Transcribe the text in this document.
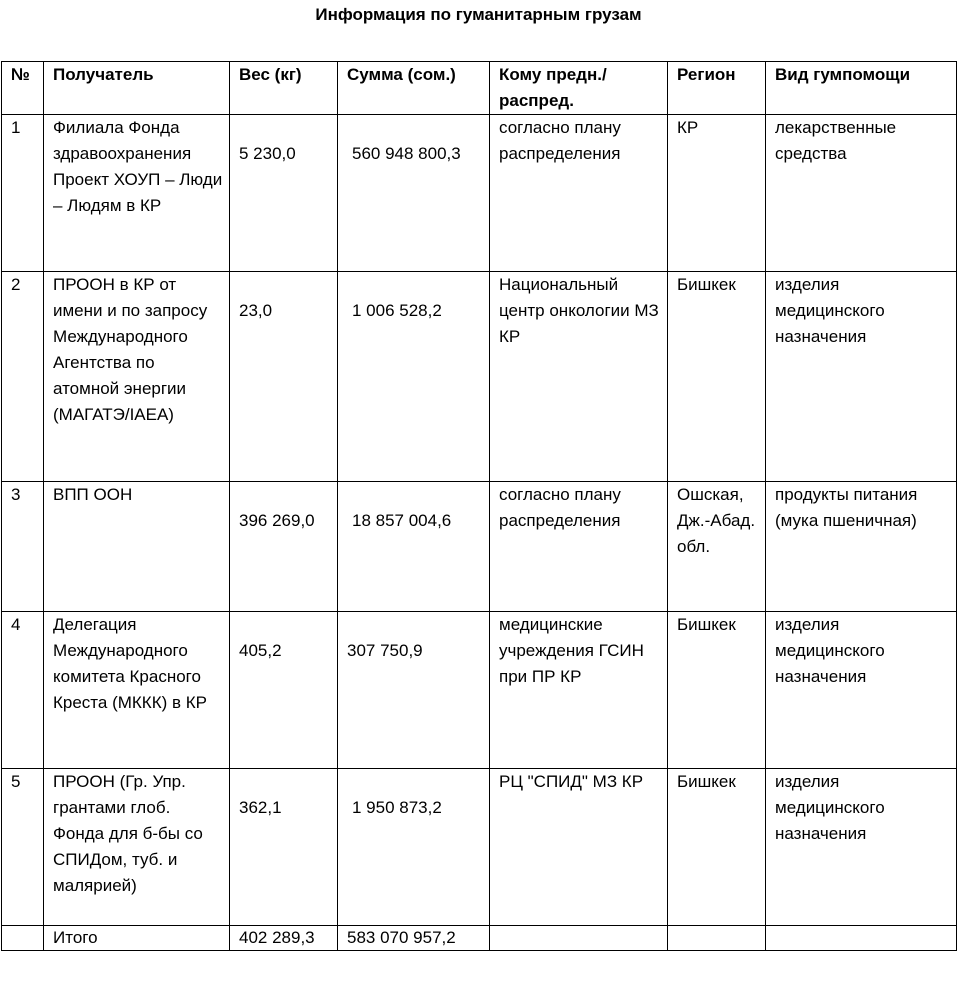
Информация по гуманитарным грузам
№	Получатель	Вес (кг)	Сумма (сом.)	Кому предн./распред.	Регион	Вид гумпомощи
1	Филиала Фонда здравоохранения Проект ХОУП – Люди – Людям в КР	5 230,0	560 948 800,3	согласно плану распределения	КР	лекарственные средства
2	ПРООН в КР от имени и по запросу Международного Агентства по атомной энергии (МАГАТЭ/IAEA)	23,0	1 006 528,2	Национальный центр онкологии МЗ КР	Бишкек	изделия медицинского назначения
3	ВПП ООН	396 269,0	18 857 004,6	согласно плану распределения	Ошская, Дж.-Абад. обл.	продукты питания (мука пшеничная)
4	Делегация Международного комитета Красного Креста (МККК) в КР	405,2	307 750,9	медицинские учреждения ГСИН при ПР КР	Бишкек	изделия медицинского назначения
5	ПРООН (Гр. Упр. грантами глоб. Фонда для б-бы со СПИДом, туб. и малярией)	362,1	1 950 873,2	РЦ "СПИД" МЗ КР	Бишкек	изделия медицинского назначения
	Итого	402 289,3	583 070 957,2			
